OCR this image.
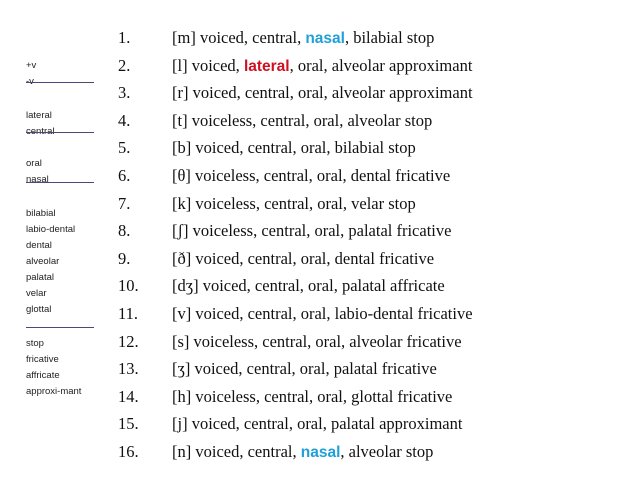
+v
-v
lateral
central
oral
nasal
bilabial
labio-dental
dental
alveolar
palatal
velar
glottal
stop
fricative
affricate
approxi-mant
1.	[m] voiced, central, nasal, bilabial stop
2.	[l] voiced, lateral, oral, alveolar approximant
3.	[r] voiced, central, oral, alveolar approximant
4.	[t] voiceless, central, oral, alveolar stop
5.	[b] voiced, central, oral, bilabial stop
6.	[θ] voiceless, central, oral, dental fricative
7.	[k] voiceless, central, oral, velar stop
8.	[ʃ] voiceless, central, oral, palatal fricative
9.	[ð] voiced, central, oral, dental fricative
10.	[dʒ] voiced, central, oral, palatal affricate
11.	[v] voiced, central, oral, labio-dental fricative
12.	[s] voiceless, central, oral, alveolar fricative
13.	[ʒ] voiced, central, oral, palatal fricative
14.	[h] voiceless, central, oral, glottal fricative
15.	[j] voiced, central, oral, palatal approximant
16.	[n] voiced, central, nasal, alveolar stop
